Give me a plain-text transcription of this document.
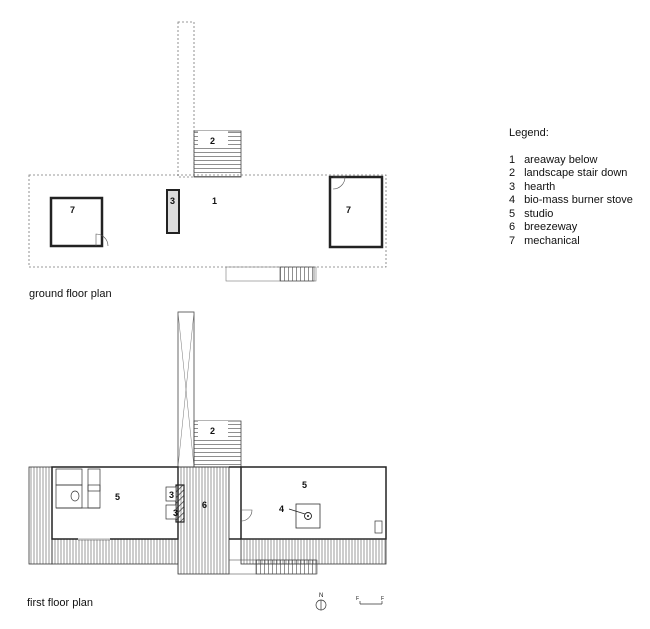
7
3	1
7
2
ground floor plan
2
5	3
3
6	4
5
first floor plan
N	F	F
Legend:
1 areaway below
2 landscape stair down
3 hearth
4 bio-mass burner stove
5 studio
6 breezeway
7 mechanical
